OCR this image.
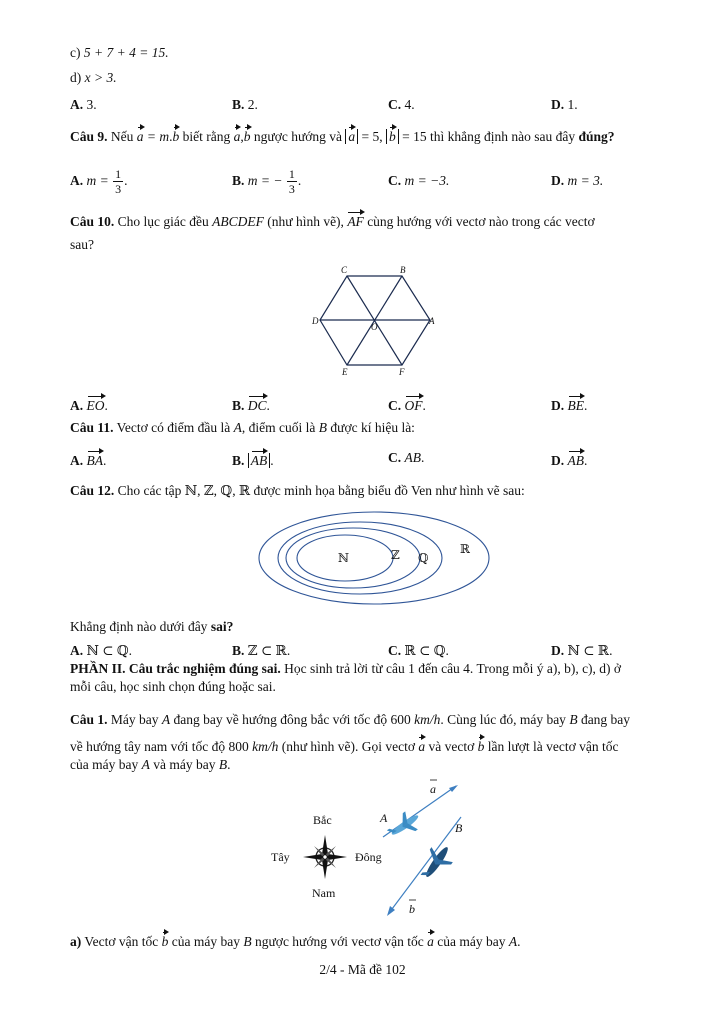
c) 5 + 7 + 4 = 15.
d) x > 3.
A. 3.	B. 2.	C. 4.	D. 1.
Câu 9. Nếu a = m.b biết rằng a,b ngược hướng và a = 5, b = 15 thì khẳng định nào sau đây đúng?
A. $m = \frac{1}{3}$ .	B. m = − $\frac{1}{3}$ .	C. m = −3.	D. m = 3.
Câu 10. Cho lục giác đều ABCDEF (như hình vẽ), AF cùng hướng với vectơ nào trong các vectơ
sau?
C	B
D	A
O
E	F
A. EO.	B. DC.	C. OF.	D. BE.
Câu 11. Vectơ có điểm đầu là A, điểm cuối là B được kí hiệu là:
A. BA.	B. AB .	C. AB.	D. AB.
Câu 12. Cho các tập ℕ, ℤ, ℚ, ℝ được minh họa bằng biểu đồ Ven như hình vẽ sau:
ℕ	ℤ ℚ
ℝ
Khẳng định nào dưới đây sai?
A. ℕ ⊂ ℚ.	B. ℤ ⊂ ℝ.	C. ℝ ⊂ ℚ.	D. ℕ ⊂ ℝ.
PHẦN II. Câu trắc nghiệm đúng sai. Học sinh trả lời từ câu 1 đến câu 4. Trong mỗi ý a), b), c), d) ở
mỗi câu, học sinh chọn đúng hoặc sai.
Câu 1. Máy bay A đang bay về hướng đông bắc với tốc độ 600 km/h. Cùng lúc đó, máy bay B đang bay
về hướng tây nam với tốc độ 800 km/h (như hình vẽ). Gọi vectơ a và vectơ b lần lượt là vectơ vận tốc
của máy bay A và máy bay B.
Bắc
Tây	Đông
Nam
A
B
a
b
a) Vectơ vận tốc b của máy bay B ngược hướng với vectơ vận tốc a của máy bay A.
2/4 - Mã đề 102
